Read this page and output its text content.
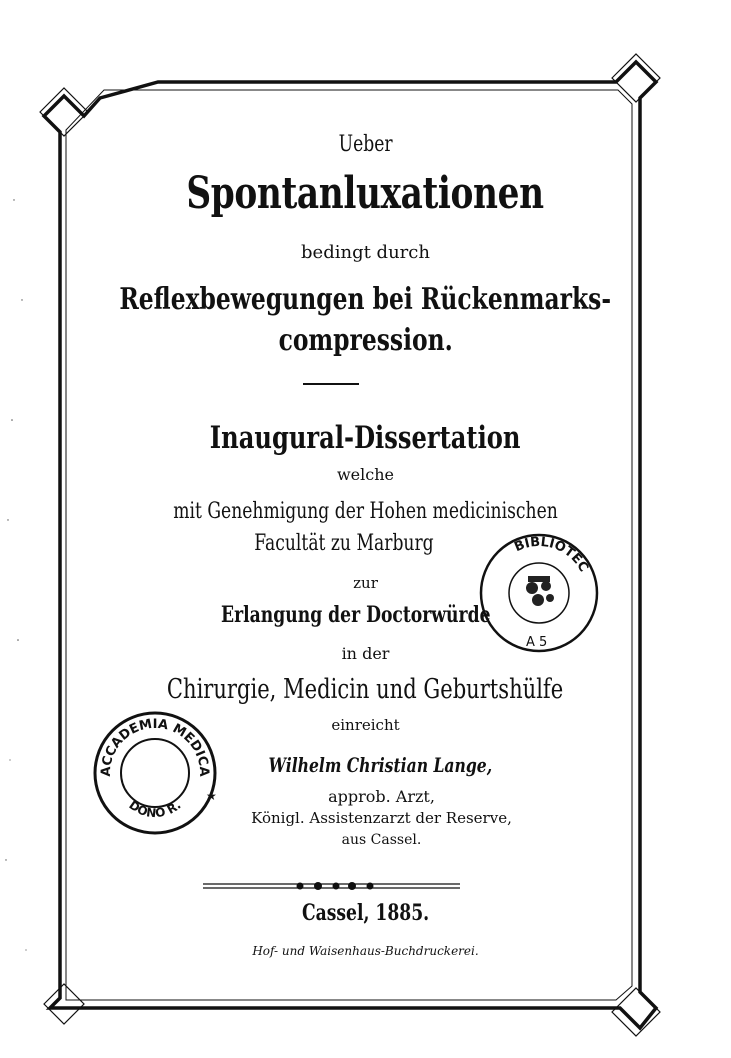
Ueber
Spontanluxationen
bedingt durch
Reflexbewegungen bei Rückenmarks-
compression.
Inaugural-Dissertation
welche
mit Genehmigung der Hohen medicinischen
Facultät zu Marburg
zur
Erlangung der Doctorwürde
in der
Chirurgie, Medicin und Geburtshülfe
einreicht
Wilhelm Christian Lange,
approb. Arzt,
Königl. Assistenzarzt der Reserve,
aus Cassel.
Cassel, 1885.
Hof- und Waisenhaus-Buchdruckerei.
ACCADEMIA MEDICA
DONO R.
★
BIBLIOTEC
A 5
